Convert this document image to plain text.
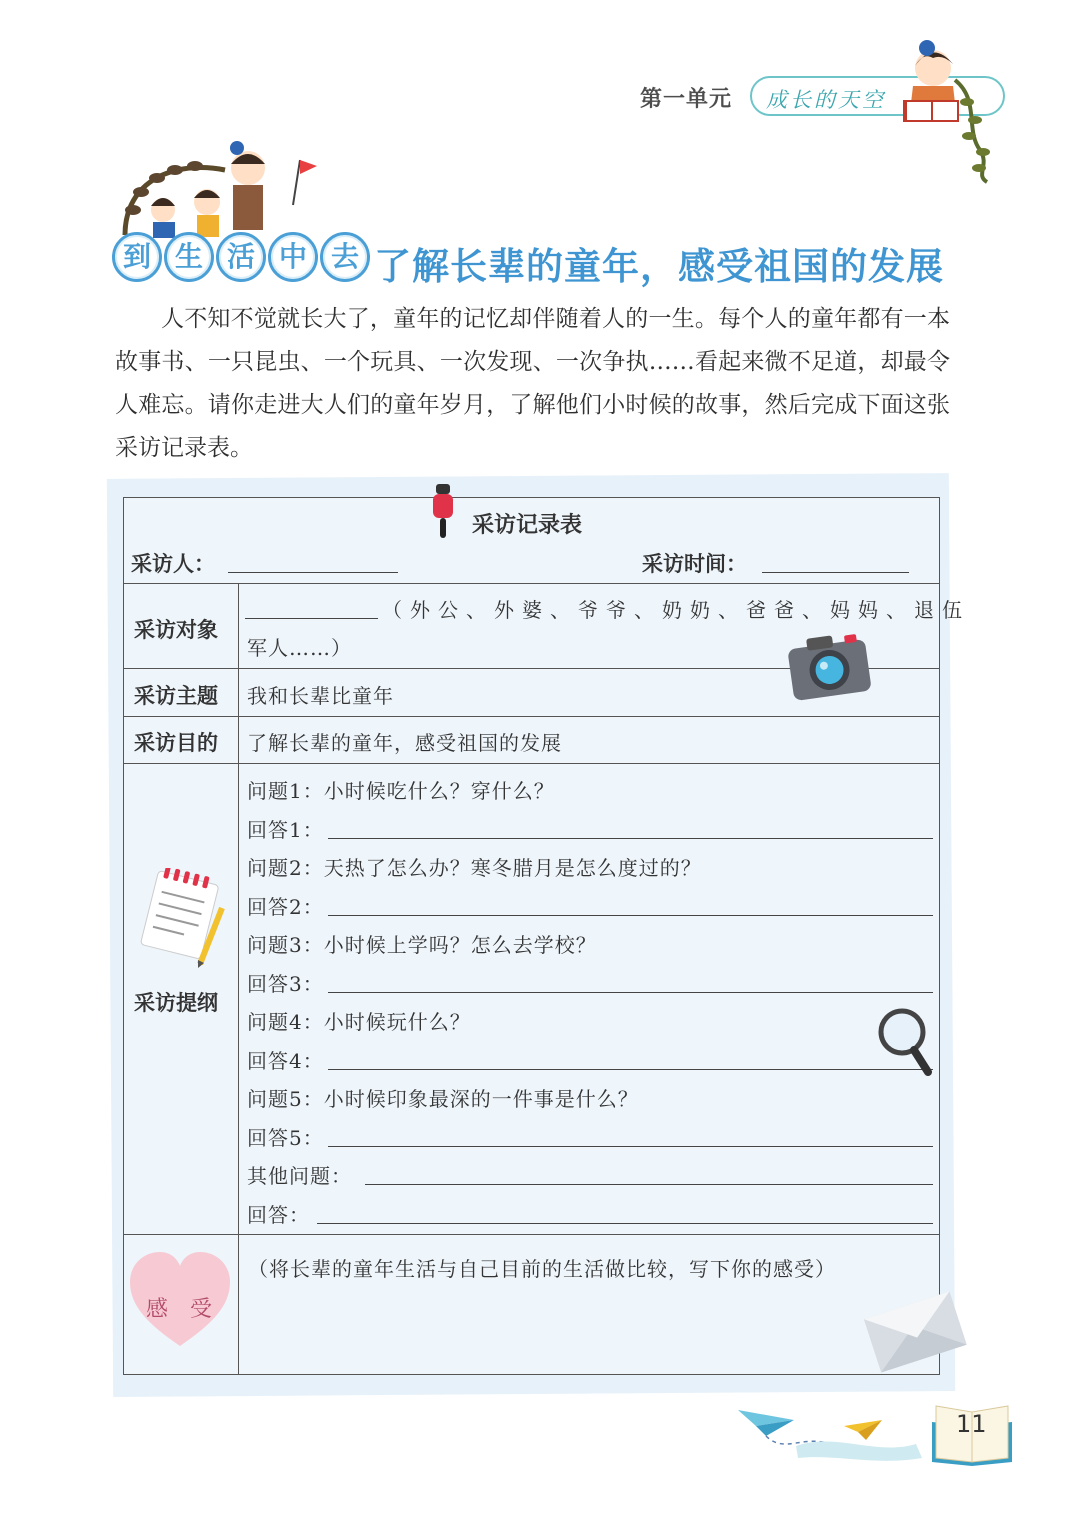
第一单元 成长的天空
到 生 活 中 去 了解长辈的童年，感受祖国的发展
人不知不觉就长大了，童年的记忆却伴随着人的一生。每个人的童年都有一本故事书、一只昆虫、一个玩具、一次发现、一次争执……看起来微不足道，却最令人难忘。请你走进大人们的童年岁月，了解他们小时候的故事，然后完成下面这张采访记录表。
采访记录表
采访人：	采访时间：
采访对象
（外公、外婆、爷爷、奶奶、爸爸、妈妈、退伍
军人……）
采访主题 我和长辈比童年
采访目的 了解长辈的童年，感受祖国的发展
采访提纲
问题1：小时候吃什么？穿什么？
回答1：
问题2：天热了怎么办？寒冬腊月是怎么度过的？
回答2：
问题3：小时候上学吗？怎么去学校？
回答3：
问题4：小时候玩什么？
回答4：
问题5：小时候印象最深的一件事是什么？
回答5：
其他问题：
回答：
感受
（将长辈的童年生活与自己目前的生活做比较，写下你的感受）
11
